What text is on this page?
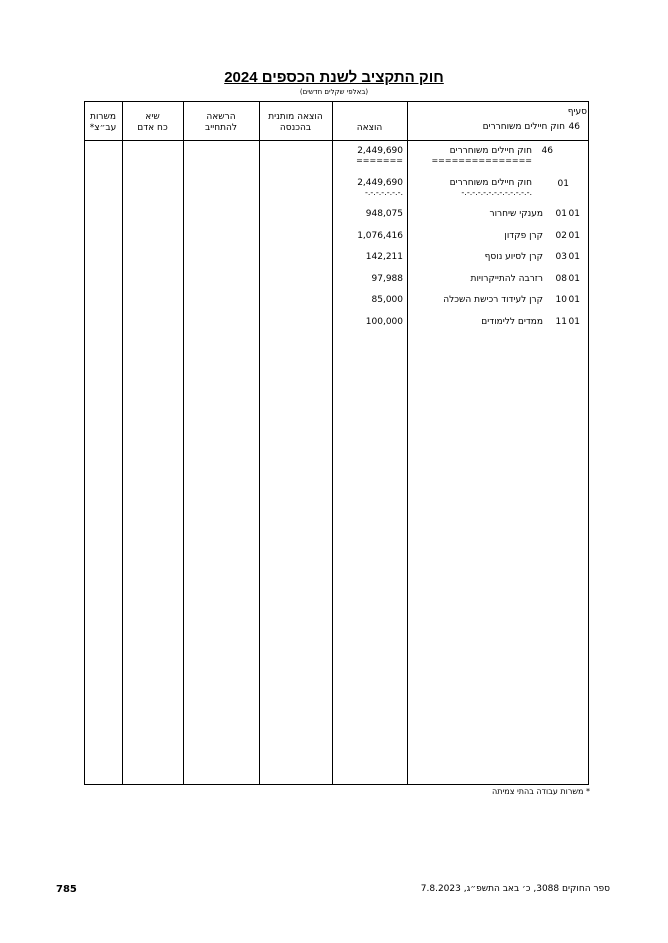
חוק התקציב לשנת הכספים 2024
(באלפי שקלים חדשים)
משרות
עב״צ*
שיא
כח אדם
הרשאה
להתחייב
הוצאה מותנית
בהכנסה	הוצאה
סעיף
46
חוק חיילים משוחררים
46
חוק חיילים משוחררים
===============
2,449,690
=======
01
חוק חיילים משוחררים
-.-.-.-.-.-.-.-.-.-.-.-.-.
2,449,690
-.-.-.-.-.-.-.
01
01
מענקי שיחרור
948,075
01
02
קרן פקדון
1,076,416
01
03
קרן לסיוע נוסף
142,211
01
08
רזרבה להתייקרויות
97,988
01
10
קרן לעידוד רכישת השכלה
85,000
01
11
ממדים ללימודים
100,000
* משרות עבודה בהתי צמיתה
785	ספר החוקים 3088, כ׳ באב התשפ״ג, 7.8.2023
